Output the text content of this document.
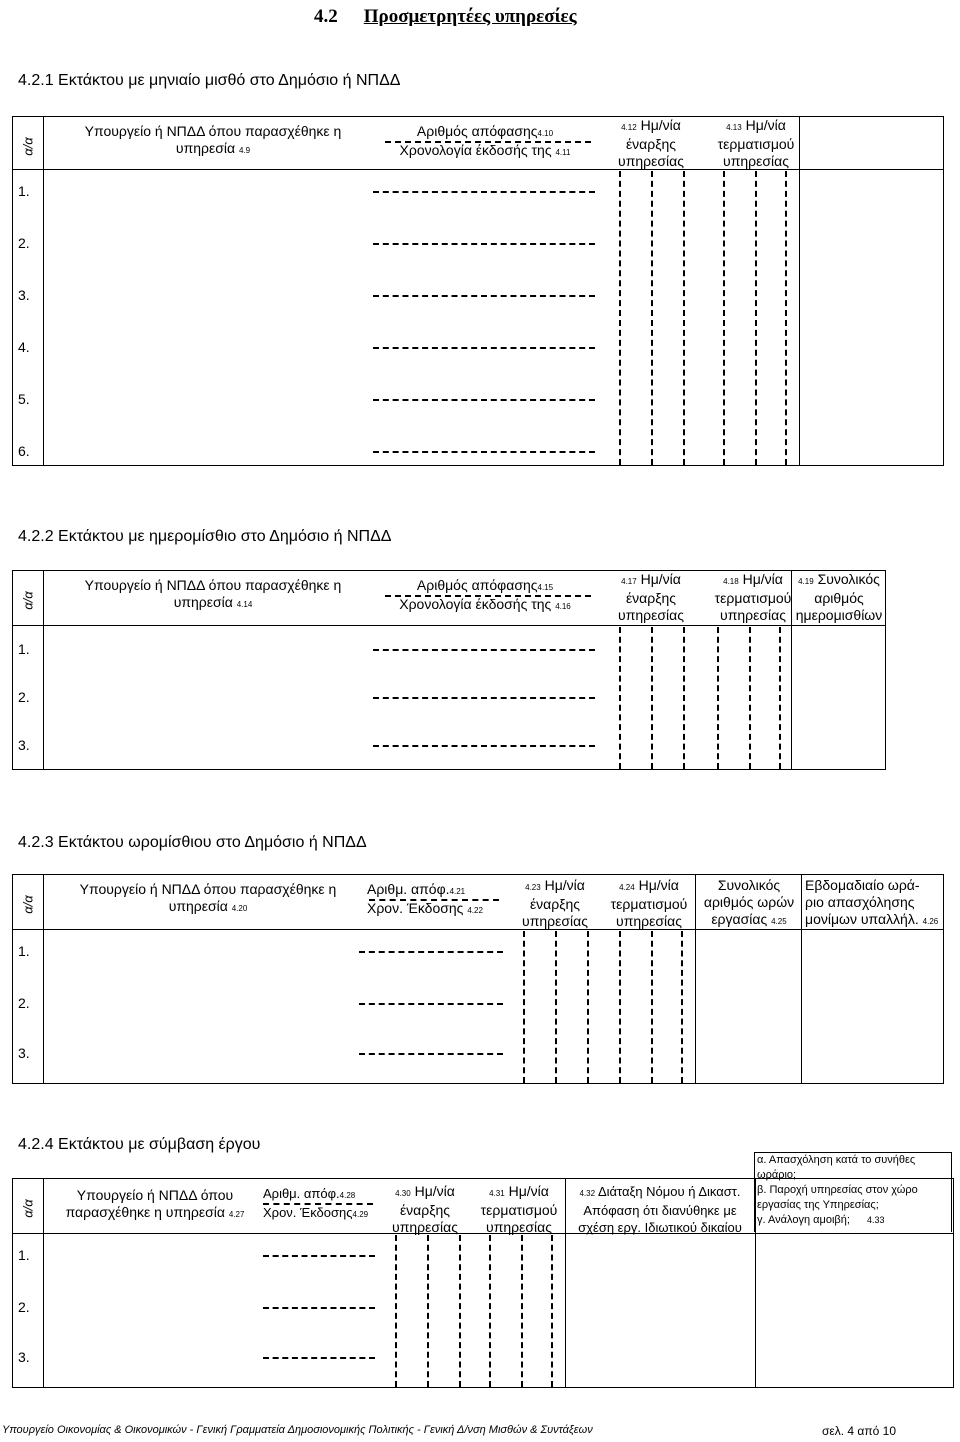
4.2 Προσμετρητέες υπηρεσίες
4.2.1 Εκτάκτου με μηνιαίο μισθό στο Δημόσιο ή ΝΠΔΔ
α/α
Υπουργείο ή ΝΠΔΔ όπου παρασχέθηκε η
υπηρεσία 4.9
Αριθμός απόφασης4.10
Χρονολογία έκδοσής της 4.11
4.12 Ημ/νία
έναρξης
υπηρεσίας
4.13 Ημ/νία
τερματισμού
υπηρεσίας
1.
2.
3.
4.
5.
6.
4.2.2 Εκτάκτου με ημερομίσθιο στο Δημόσιο ή ΝΠΔΔ
α/α
Υπουργείο ή ΝΠΔΔ όπου παρασχέθηκε η
υπηρεσία 4.14
Αριθμός απόφασης4.15
Χρονολογία έκδοσής της 4.16
4.17 Ημ/νία
έναρξης
υπηρεσίας
4.18 Ημ/νία
τερματισμού
υπηρεσίας
4.19 Συνολικός
αριθμός
ημερομισθίων
1.
2.
3.
4.2.3 Εκτάκτου ωρομίσθιου στο Δημόσιο ή ΝΠΔΔ
α/α
Υπουργείο ή ΝΠΔΔ όπου παρασχέθηκε η
υπηρεσία 4.20
Αριθμ. απόφ.4.21
Χρον. Έκδοσης 4.22
4.23 Ημ/νία
έναρξης
υπηρεσίας
4.24 Ημ/νία
τερματισμού
υπηρεσίας
Συνολικός
αριθμός ωρών
εργασίας 4.25
Εβδομαδιαίο ωρά-
ριο απασχόλησης
μονίμων υπαλλήλ. 4.26
1.
2.
3.
4.2.4 Εκτάκτου με σύμβαση έργου
α/α
Υπουργείο ή ΝΠΔΔ όπου
παρασχέθηκε η υπηρεσία 4.27
Αριθμ. απόφ.4.28
Χρον. Έκδοσης4.29
4.30 Ημ/νία
έναρξης
υπηρεσίας
4.31 Ημ/νία
τερματισμού
υπηρεσίας
4.32 Διάταξη Νόμου ή Δικαστ.
Απόφαση ότι διανύθηκε με
σχέση εργ. Ιδιωτικού δικαίου
1.
2.
3.
α. Απασχόληση κατά το συνήθες
ωράριο;
β. Παροχή υπηρεσίας στον χώρο
εργασίας της Υπηρεσίας;
γ. Ανάλογη αμοιβή; 4.33
Υπουργείο Οικονομίας & Οικονομικών - Γενική Γραμματεία Δημοσιονομικής Πολιτικής - Γενική Δ/νση Μισθών & Συντάξεων	σελ. 4 από 10
